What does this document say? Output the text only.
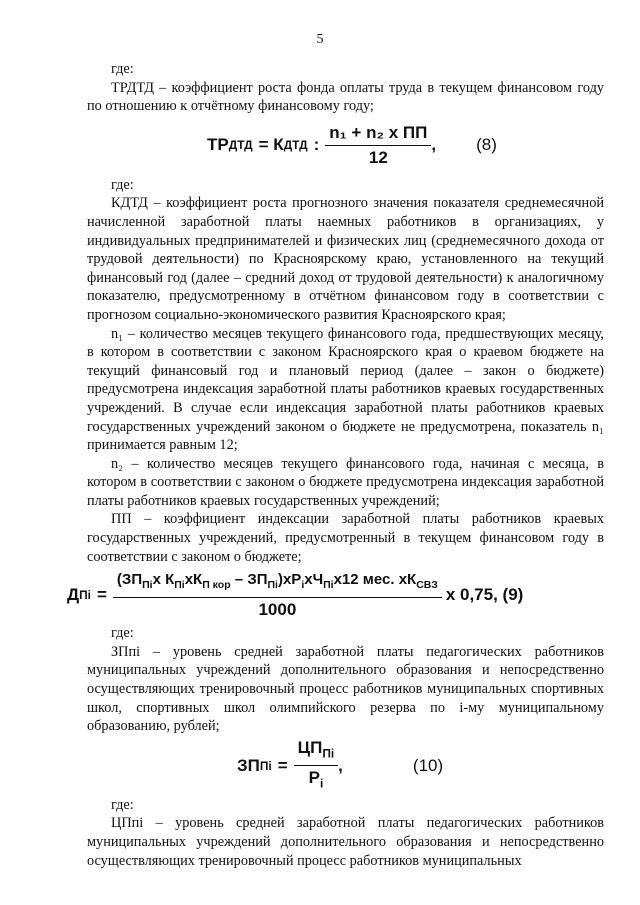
5

где:

ТРДТД – коэффициент роста фонда оплаты труда в текущем финансовом году по отношению к отчётному финансовому году;

ТР ДТД = К ДТД : $\frac{\text{n₁ + n₂ x ПП}}{12}$ , (8)

где:

КДТД – коэффициент роста прогнозного значения показателя среднемесячной начисленной заработной платы наемных работников в организациях, у индивидуальных предпринимателей и физических лиц (среднемесячного дохода от трудовой деятельности) по Красноярскому краю, установленного на текущий финансовый год (далее – средний доход от трудовой деятельности) к аналогичному показателю, предусмотренному в отчётном финансовом году в соответствии с прогнозом социально-экономического развития Красноярского края;

n₁ – количество месяцев текущего финансового года, предшествующих месяцу, в котором в соответствии с законом Красноярского края о краевом бюджете на текущий финансовый год и плановый период (далее – закон о бюджете) предусмотрена индексация заработной платы работников краевых государственных учреждений. В случае если индексация заработной платы работников краевых государственных учреждений законом о бюджете не предусмотрена, показатель n₁ принимается равным 12;

n₂ – количество месяцев текущего финансового года, начиная с месяца, в котором в соответствии с законом о бюджете предусмотрена индексация заработной платы работников краевых государственных учреждений;

ПП – коэффициент индексации заработной платы работников краевых государственных учреждений, предусмотренный в текущем финансовом году в соответствии с законом о бюджете;

Д Пi = $\frac{(ЗП_{Пi}x К_{Пi}xК_{П кор} - ЗП_{Пi})xP_ixЧ_{Пi}x12 мес. xК_{СВЗ}}{1000}$ x 0,75, (9)

где:

ЗПпi – уровень средней заработной платы педагогических работников муниципальных учреждений дополнительного образования и непосредственно осуществляющих тренировочный процесс работников муниципальных спортивных школ, спортивных школ олимпийского резерва по i-му муниципальному образованию, рублей;

ЗП Пi = $\frac{ЦП_{Пi}}{P_i}$ ,	(10)

где:

ЦПпi – уровень средней заработной платы педагогических работников муниципальных учреждений дополнительного образования и непосредственно осуществляющих тренировочный процесс работников муниципальных
